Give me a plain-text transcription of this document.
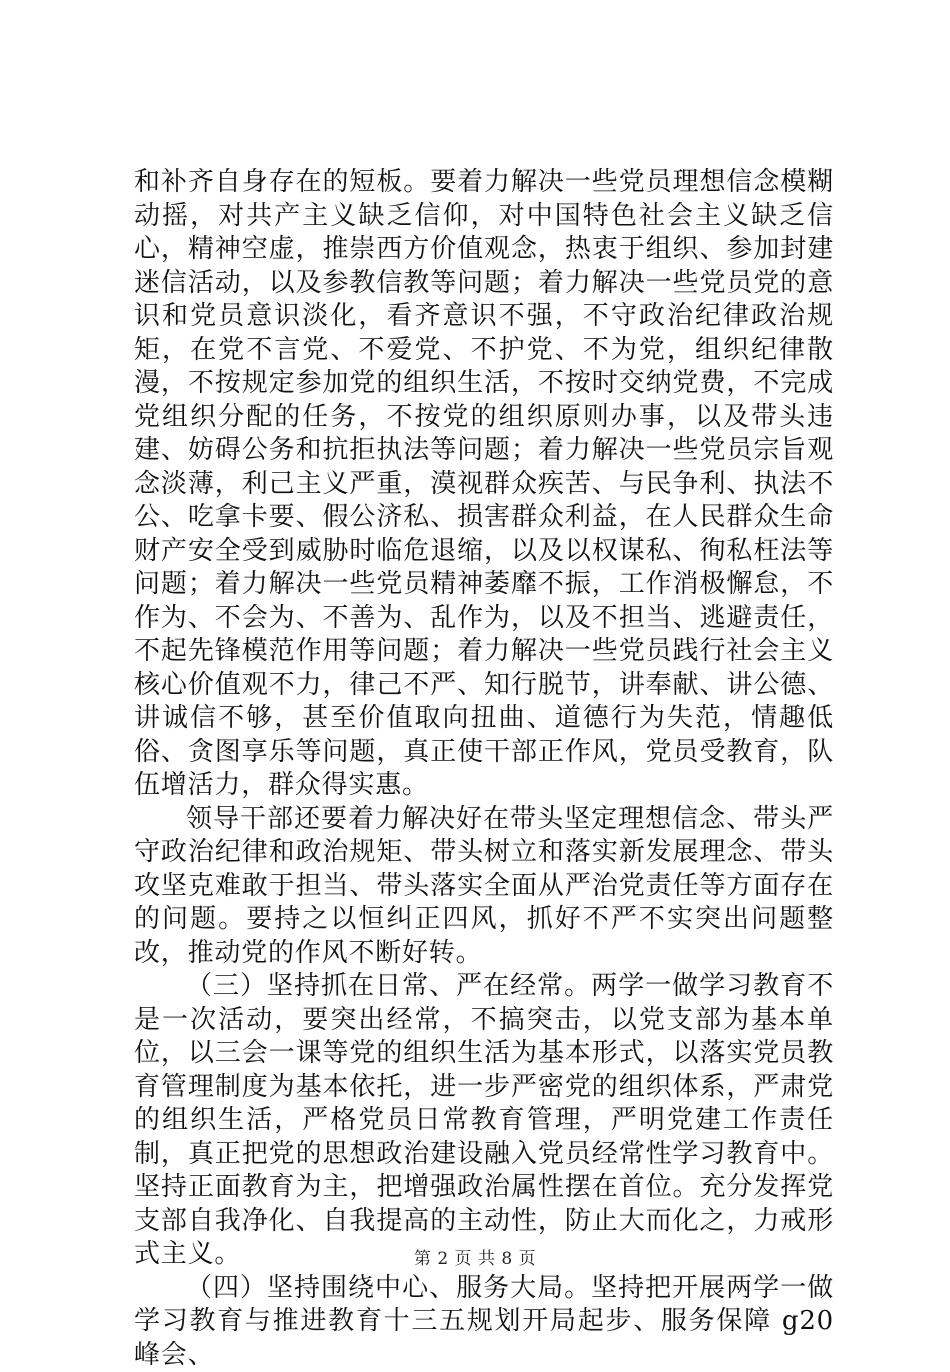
和补齐自身存在的短板。要着力解决一些党员理想信念模糊动摇，对共产主义缺乏信仰，对中国特色社会主义缺乏信心，精神空虚，推崇西方价值观念，热衷于组织、参加封建迷信活动，以及参教信教等问题；着力解决一些党员党的意识和党员意识淡化，看齐意识不强，不守政治纪律政治规矩，在党不言党、不爱党、不护党、不为党，组织纪律散漫，不按规定参加党的组织生活，不按时交纳党费，不完成党组织分配的任务，不按党的组织原则办事，以及带头违建、妨碍公务和抗拒执法等问题；着力解决一些党员宗旨观念淡薄，利己主义严重，漠视群众疾苦、与民争利、执法不公、吃拿卡要、假公济私、损害群众利益，在人民群众生命财产安全受到威胁时临危退缩，以及以权谋私、徇私枉法等问题；着力解决一些党员精神萎靡不振，工作消极懈怠，不作为、不会为、不善为、乱作为，以及不担当、逃避责任，不起先锋模范作用等问题；着力解决一些党员践行社会主义核心价值观不力，律己不严、知行脱节，讲奉献、讲公德、讲诚信不够，甚至价值取向扭曲、道德行为失范，情趣低俗、贪图享乐等问题，真正使干部正作风，党员受教育，队伍增活力，群众得实惠。

领导干部还要着力解决好在带头坚定理想信念、带头严守政治纪律和政治规矩、带头树立和落实新发展理念、带头攻坚克难敢于担当、带头落实全面从严治党责任等方面存在的问题。要持之以恒纠正四风，抓好不严不实突出问题整改，推动党的作风不断好转。

（三）坚持抓在日常、严在经常。两学一做学习教育不是一次活动，要突出经常，不搞突击，以党支部为基本单位，以三会一课等党的组织生活为基本形式，以落实党员教育管理制度为基本依托，进一步严密党的组织体系，严肃党的组织生活，严格党员日常教育管理，严明党建工作责任制，真正把党的思想政治建设融入党员经常性学习教育中。坚持正面教育为主，把增强政治属性摆在首位。充分发挥党支部自我净化、自我提高的主动性，防止大而化之，力戒形式主义。

（四）坚持围绕中心、服务大局。坚持把开展两学一做学习教育与推进教育十三五规划开局起步、服务保障 g20 峰会、

第 2 页 共 8 页
